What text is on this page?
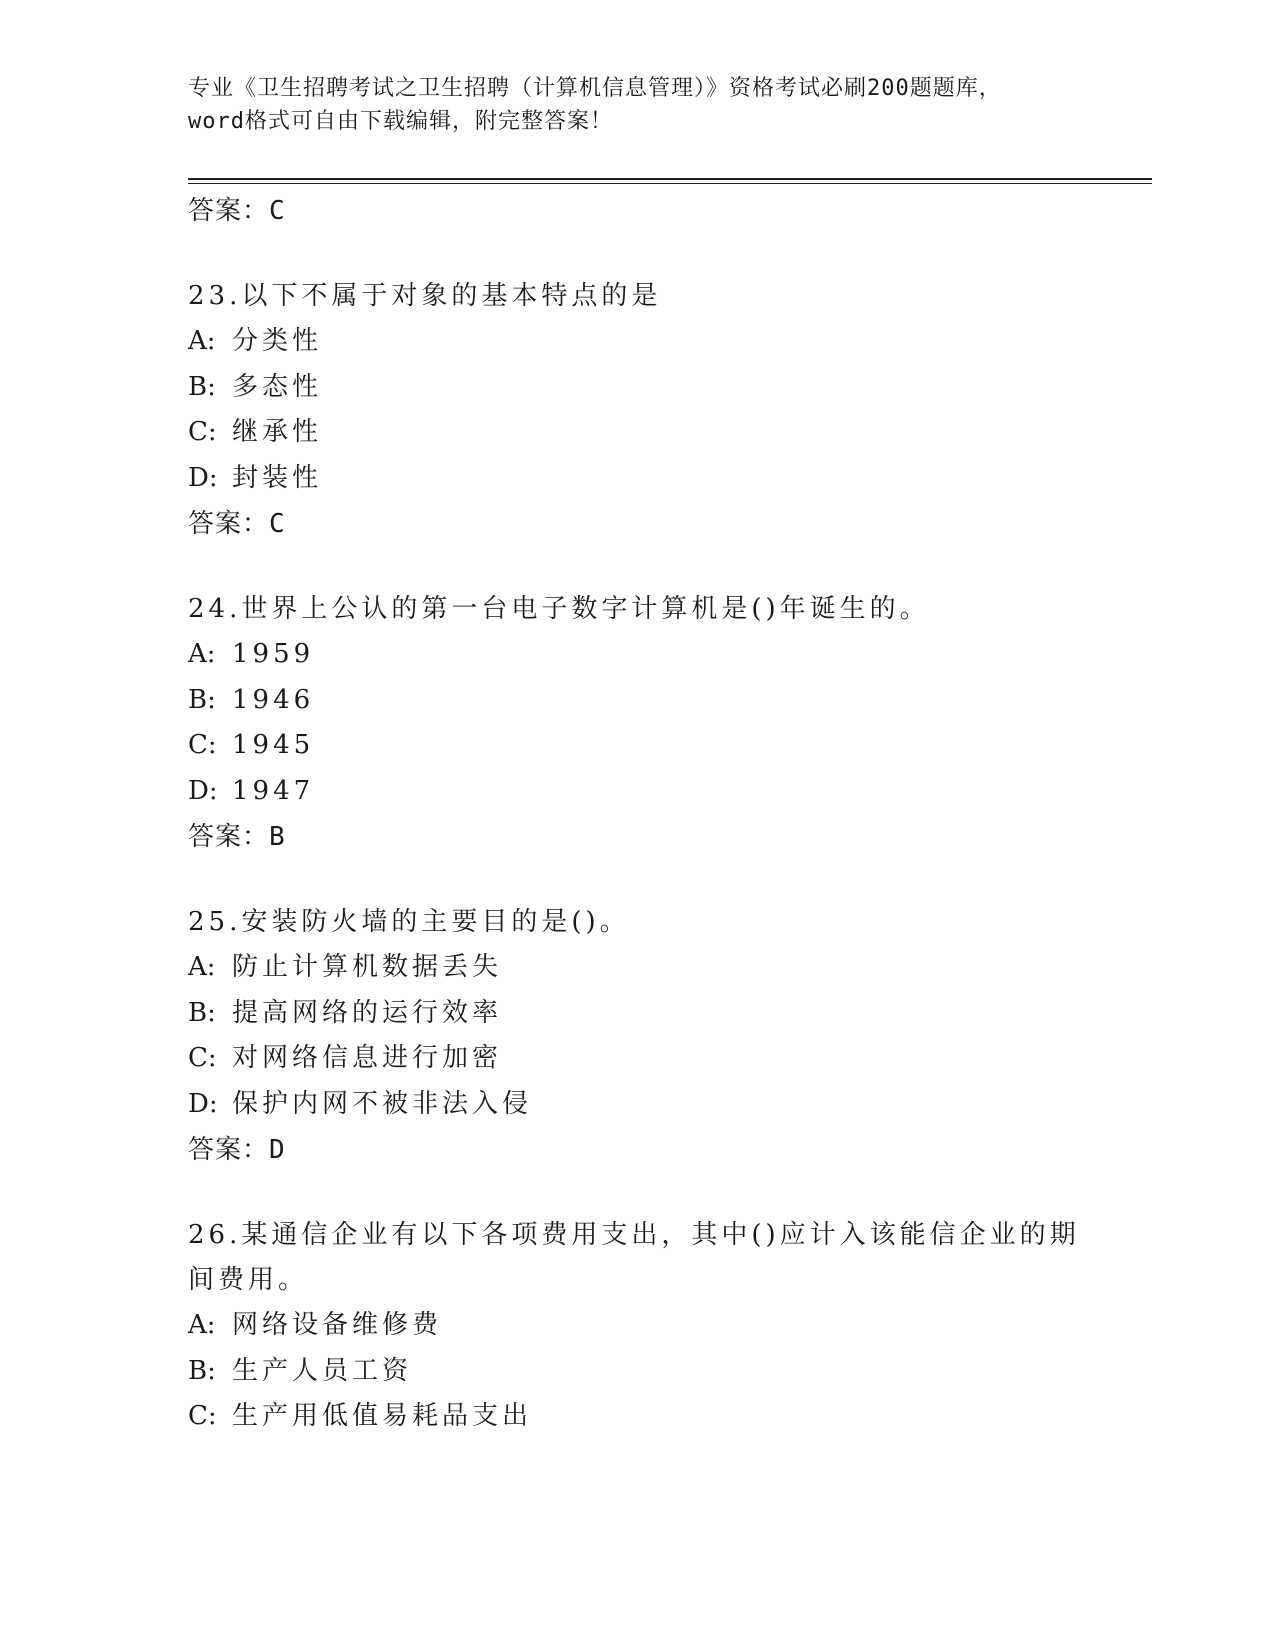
专业《卫生招聘考试之卫生招聘（计算机信息管理）》资格考试必刷200题题库，
word格式可自由下载编辑，附完整答案！
答案：C
23.以下不属于对象的基本特点的是
A: 分类性
B: 多态性
C: 继承性
D: 封装性
答案：C
24.世界上公认的第一台电子数字计算机是()年诞生的。
A: 1959
B: 1946
C: 1945
D: 1947
答案：B
25.安装防火墙的主要目的是()。
A: 防止计算机数据丢失
B: 提高网络的运行效率
C: 对网络信息进行加密
D: 保护内网不被非法入侵
答案：D
26.某通信企业有以下各项费用支出，其中()应计入该能信企业的期间费用。
A: 网络设备维修费
B: 生产人员工资
C: 生产用低值易耗品支出
